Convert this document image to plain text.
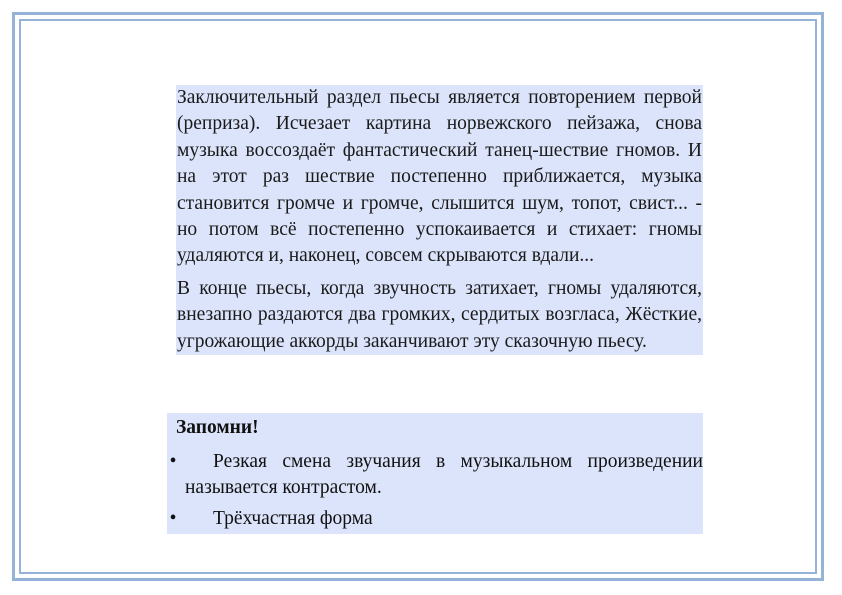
Заключительный раздел пьесы является повторением первой (реприза). Исчезает картина норвежского пейзажа, снова музыка воссоздаёт фантастический танец-шествие гномов. И на этот раз шествие постепенно приближается, музыка становится громче и громче, слышится шум, топот, свист... - но потом всё постепенно успокаивается и стихает: гномы удаляются и, наконец, совсем скрываются вдали...

В конце пьесы, когда звучность затихает, гномы удаляются, внезапно раздаются два громких, сердитых возгласа, Жёсткие, угрожающие аккорды заканчивают эту сказочную пьесу.

Запомни!
•	Резкая смена звучания в музыкальном произведении называется контрастом.
•	Трёхчастная форма
